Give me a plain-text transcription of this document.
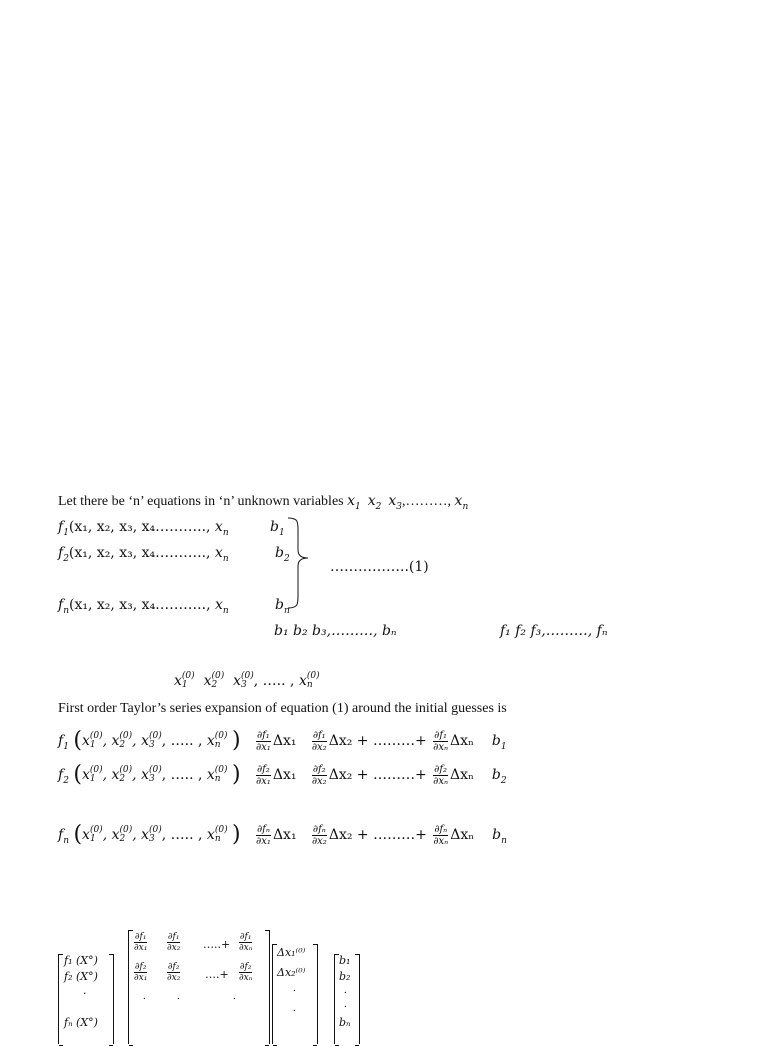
Let there be ‘n’ equations in ‘n’ unknown variables $x_1$ $x_2$ $x_3,\dots\dots\dots$, $x_n$
$f_1(x_1$, x₂, x₃, x₄……….., $x_n$	$b_1$
$f_2(x_1$, x₂, x₃, x₄……….., $x_n$	$b_2$
$f_n(x_1$, x₂, x₃, x₄……….., $x_n$	$b_n$
……………..(1)
b₁ b₂ b₃,………, bₙ	f₁ f₂ f₃,………, fₙ
x (0)
1	x (0)
2	x (0)
3 , ….. , x (0)
n
First order Taylor’s series expansion of equation (1) around the initial guesses is
$f_1$ (x (0)
1 , x (0)
2 , x (0)
3 , ….. , x (0)
n ) $\frac{\text{∂f₁}}{\text{∂x₁}} \Delta x_1 \frac{\text{∂f₁}}{\text{∂x₂}} \Delta x_2$ + ………+ $\frac{\text{∂f₁}}{\text{∂xₙ}}$ Δxₙ $b_1$
$f_2$ (x (0)
1 , x (0)
2 , x (0)
3 , ….. , x (0)
n ) $\frac{\text{∂f₂}}{\text{∂x₁}} \Delta x_1 \frac{\text{∂f₂}}{\text{∂x₂}} \Delta x_2$ + ………+ $\frac{\text{∂f₂}}{\text{∂xₙ}}$ Δxₙ $b_2$
$f_n$ (x (0)
1 , x (0)
2 , x (0)
3 , ….. , x (0)
n ) $\frac{\text{∂fₙ}}{\text{∂x₁}} \Delta x_1 \frac{\text{∂fₙ}}{\text{∂x₂}} \Delta x_2$ + ………+ $\frac{\text{∂fₙ}}{\text{∂xₙ}}$ Δxₙ $b_n$
f₁ (X°)
f₂ (X°)
.
fₙ (X°)
$\frac{\text{∂f₁}}{\text{∂x₁}} \frac{\text{∂f₁}}{\text{∂x₂}}$ …..+ $\frac{\text{∂f₁}}{\text{∂xₙ}}$
$\frac{\text{∂f₂}}{\text{∂x₁}} \frac{\text{∂f₂}}{\text{∂x₂}}$ ….+ $\frac{\text{∂f₂}}{\text{∂xₙ}}$
.	.	.
Δx₁⁽⁰⁾
Δx₂⁽⁰⁾
.
.
b₁
b₂
.
.
bₙ
